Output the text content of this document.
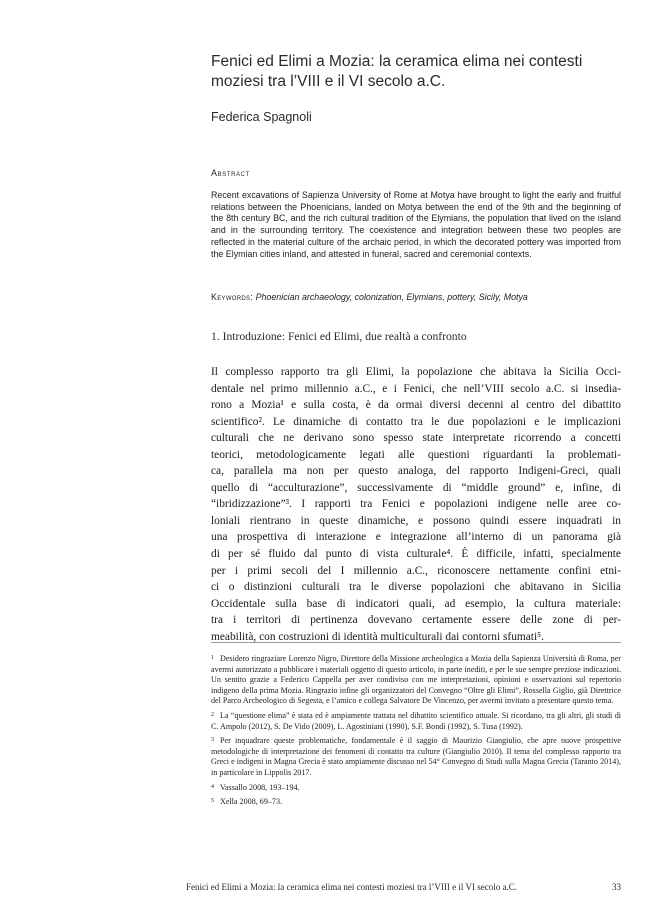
Fenici ed Elimi a Mozia: la ceramica elima nei contesti moziesi tra l’VIII e il VI secolo a.C.
Federica Spagnoli
Abstract
Recent excavations of Sapienza University of Rome at Motya have brought to light the early and fruitful relations between the Phoenicians, landed on Motya between the end of the 9th and the beginning of the 8th century BC, and the rich cultural tradition of the Elymians, the population that lived on the island and in the surrounding territory. The coexistence and integration between these two peoples are reflected in the material culture of the archaic period, in which the decorated pottery was imported from the Elymian cities inland, and attested in funeral, sacred and ceremonial contexts.
Keywords: Phoenician archaeology, colonization, Elymians, pottery, Sicily, Motya
1. Introduzione: Fenici ed Elimi, due realtà a confronto
Il complesso rapporto tra gli Elimi, la popolazione che abitava la Sicilia Occi-
dentale nel primo millennio a.C., e i Fenici, che nell’VIII secolo a.C. si insedia-
rono a Mozia¹ e sulla costa, è da ormai diversi decenni al centro del dibattito
scientifico². Le dinamiche di contatto tra le due popolazioni e le implicazioni
culturali che ne derivano sono spesso state interpretate ricorrendo a concetti
teorici, metodologicamente legati alle questioni riguardanti la problemati-
ca, parallela ma non per questo analoga, del rapporto Indigeni-Greci, quali
quello di “acculturazione”, successivamente di “middle ground” e, infine, di
“ibridizzazione”³. I rapporti tra Fenici e popolazioni indigene nelle aree co-
loniali rientrano in queste dinamiche, e possono quindi essere inquadrati in
una prospettiva di interazione e integrazione all’interno di un panorama già
di per sé fluido dal punto di vista culturale⁴. È difficile, infatti, specialmente
per i primi secoli del I millennio a.C., riconoscere nettamente confini etni-
ci o distinzioni culturali tra le diverse popolazioni che abitavano in Sicilia
Occidentale sulla base di indicatori quali, ad esempio, la cultura materiale:
tra i territori di pertinenza dovevano certamente essere delle zone di per-
meabilità, con costruzioni di identità multiculturali dai contorni sfumati⁵.

$^1$ Desidero ringraziare Lorenzo Nigro, Direttore della Missione archeologica a Mozia della Sapienza Università di Roma, per avermi autorizzato a pubblicare i materiali oggetto di questo articolo, in parte inediti, e per le sue sempre preziose indicazioni. Un sentito grazie a Federico Cappella per aver condiviso con me interpretazioni, opinioni e osservazioni sul repertorio indigeno della prima Mozia. Ringrazio infine gli organizzatori del Convegno “Oltre gli Elimi”, Rossella Giglio, già Direttrice del Parco Archeologico di Segesta, e l’amico e collega Salvatore De Vincenzo, per avermi invitato a presentare questo tema.

$^2$ La “questione elima” è stata ed è ampiamente trattata nel dibattito scientifico attuale. Si ricordano, tra gli altri, gli studi di C. Ampolo (2012), S. De Vido (2009), L. Agostiniani (1990), S.F. Bondì (1992), S. Tusa (1992).

$^3$ Per inquadrare queste problematiche, fondamentale è il saggio di Maurizio Giangiulio, che apre nuove prospettive metodologiche di interpretazione dei fenomeni di contatto tra culture (Giangiulio 2010). Il tema del complesso rapporto tra Greci e indigeni in Magna Grecia è stato ampiamente discusso nel 54° Convegno di Studi sulla Magna Grecia (Taranto 2014), in particolare in Lippolis 2017.

$^4$ Vassallo 2008, 193–194.

$^5$ Xella 2008, 69–73.

Fenici ed Elimi a Mozia: la ceramica elima nei contesti moziesi tra l’VIII e il VI secolo a.C.	33
